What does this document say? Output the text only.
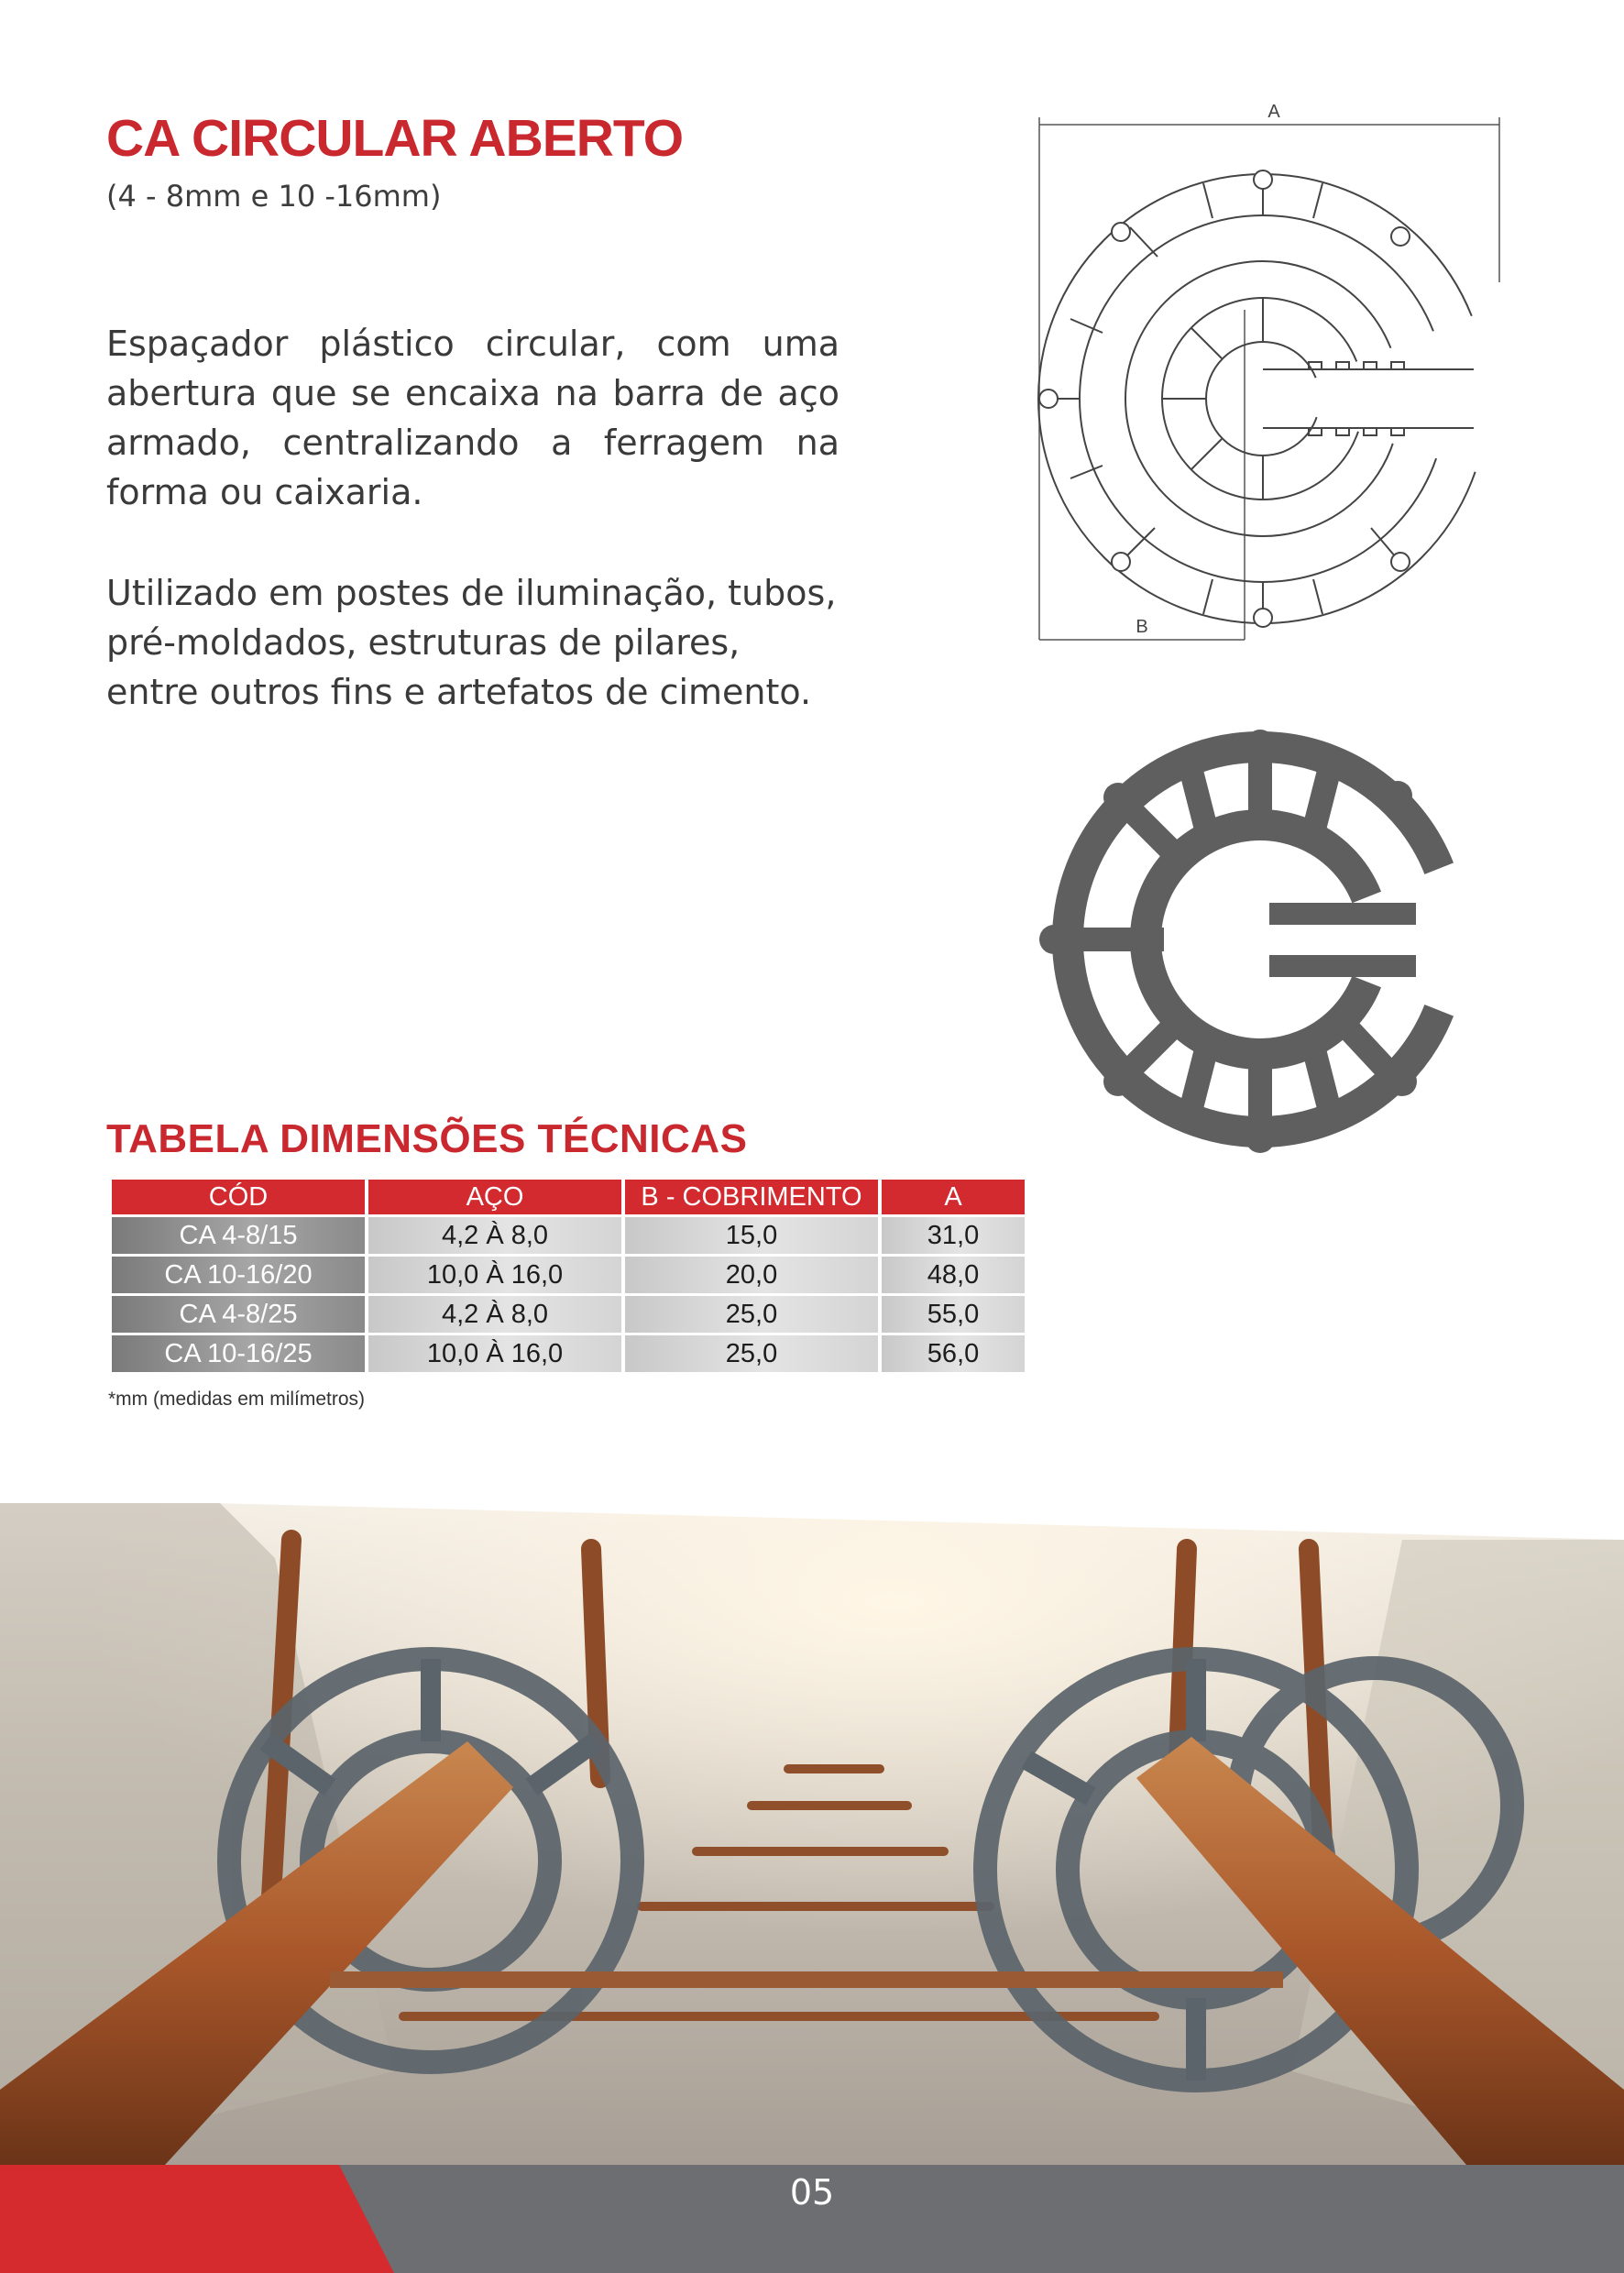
CA CIRCULAR ABERTO
(4 - 8mm e 10 -16mm)

Espaçador plástico circular, com uma abertura que se encaixa na barra de aço armado, centralizando a ferragem na forma ou caixaria.

Utilizado em postes de iluminação, tubos, pré-moldados, estruturas de pilares, entre outros fins e artefatos de cimento.

A
B
TABELA DIMENSÕES TÉCNICAS
CÓD	AÇO	B - COBRIMENTO	A
CA 4-8/15	4,2 À 8,0	15,0	31,0
CA 10-16/20	10,0 À 16,0	20,0	48,0
CA 4-8/25	4,2 À 8,0	25,0	55,0
CA 10-16/25	10,0 À 16,0	25,0	56,0
*mm (medidas em milímetros)
05
